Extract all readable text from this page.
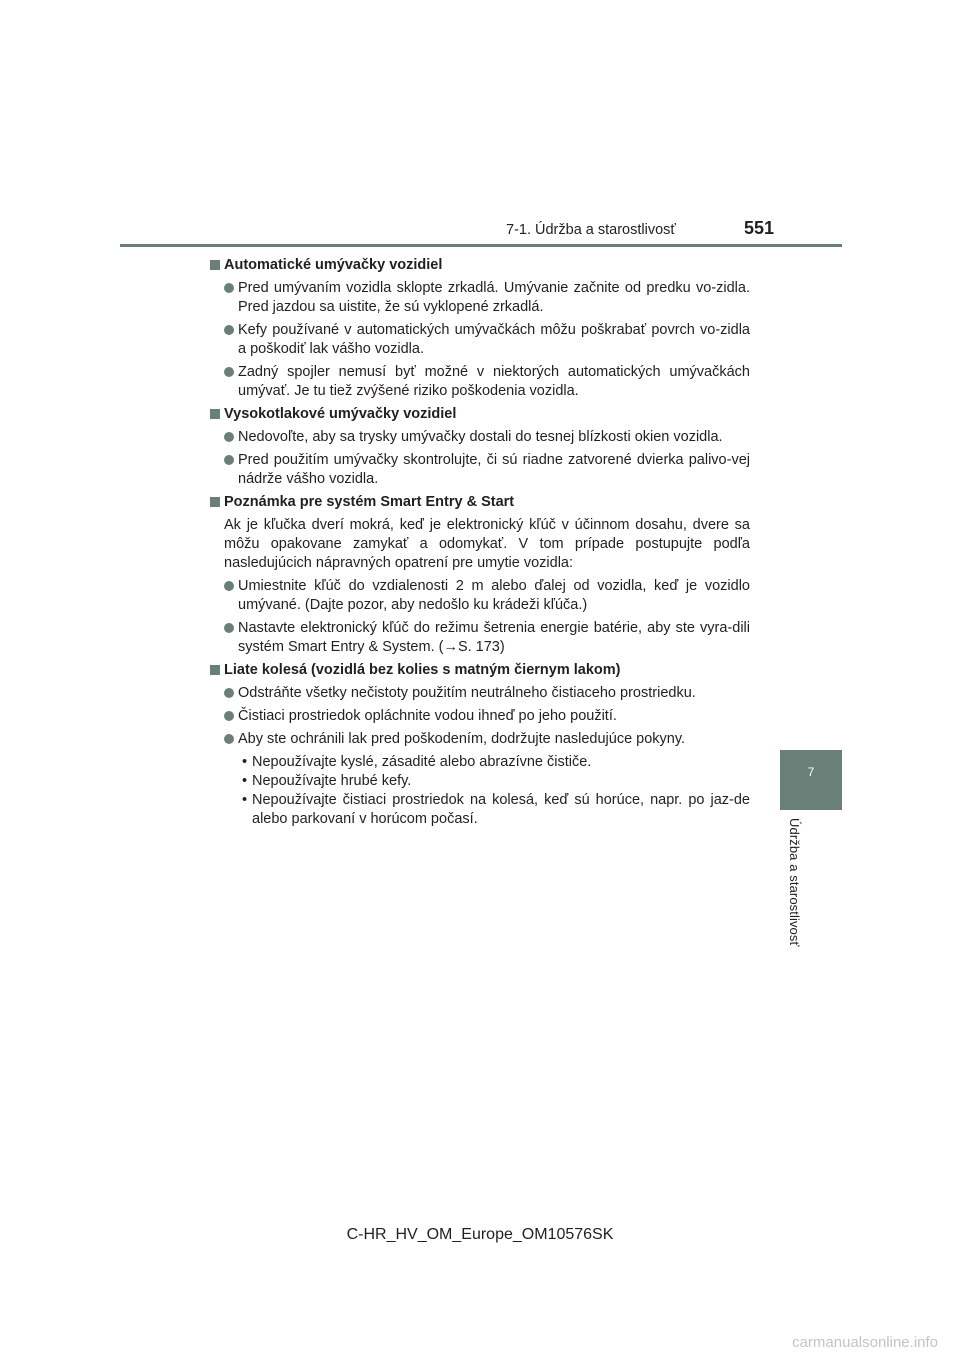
7-1. Údržba a starostlivosť	551
7
Údržba a starostlivosť
Automatické umývačky vozidiel
Pred umývaním vozidla sklopte zrkadlá. Umývanie začnite od predku vo-zidla. Pred jazdou sa uistite, že sú vyklopené zrkadlá.
Kefy používané v automatických umývačkách môžu poškrabať povrch vo-zidla a poškodiť lak vášho vozidla.
Zadný spojler nemusí byť možné v niektorých automatických umývačkách umývať. Je tu tiež zvýšené riziko poškodenia vozidla.
Vysokotlakové umývačky vozidiel
Nedovoľte, aby sa trysky umývačky dostali do tesnej blízkosti okien vozidla.
Pred použitím umývačky skontrolujte, či sú riadne zatvorené dvierka palivo-vej nádrže vášho vozidla.
Poznámka pre systém Smart Entry & Start
Ak je kľučka dverí mokrá, keď je elektronický kľúč v účinnom dosahu, dvere sa môžu opakovane zamykať a odomykať. V tom prípade postupujte podľa nasledujúcich nápravných opatrení pre umytie vozidla:
Umiestnite kľúč do vzdialenosti 2 m alebo ďalej od vozidla, keď je vozidlo umývané. (Dajte pozor, aby nedošlo ku krádeži kľúča.)
Nastavte elektronický kľúč do režimu šetrenia energie batérie, aby ste vyra-dili systém Smart Entry & System. (→S. 173)
Liate kolesá (vozidlá bez kolies s matným čiernym lakom)
Odstráňte všetky nečistoty použitím neutrálneho čistiaceho prostriedku.
Čistiaci prostriedok opláchnite vodou ihneď po jeho použití.
Aby ste ochránili lak pred poškodením, dodržujte nasledujúce pokyny.
• Nepoužívajte kyslé, zásadité alebo abrazívne čističe.
• Nepoužívajte hrubé kefy.
• Nepoužívajte čistiaci prostriedok na kolesá, keď sú horúce, napr. po jaz-de alebo parkovaní v horúcom počasí.
C-HR_HV_OM_Europe_OM10576SK
carmanualsonline.info
